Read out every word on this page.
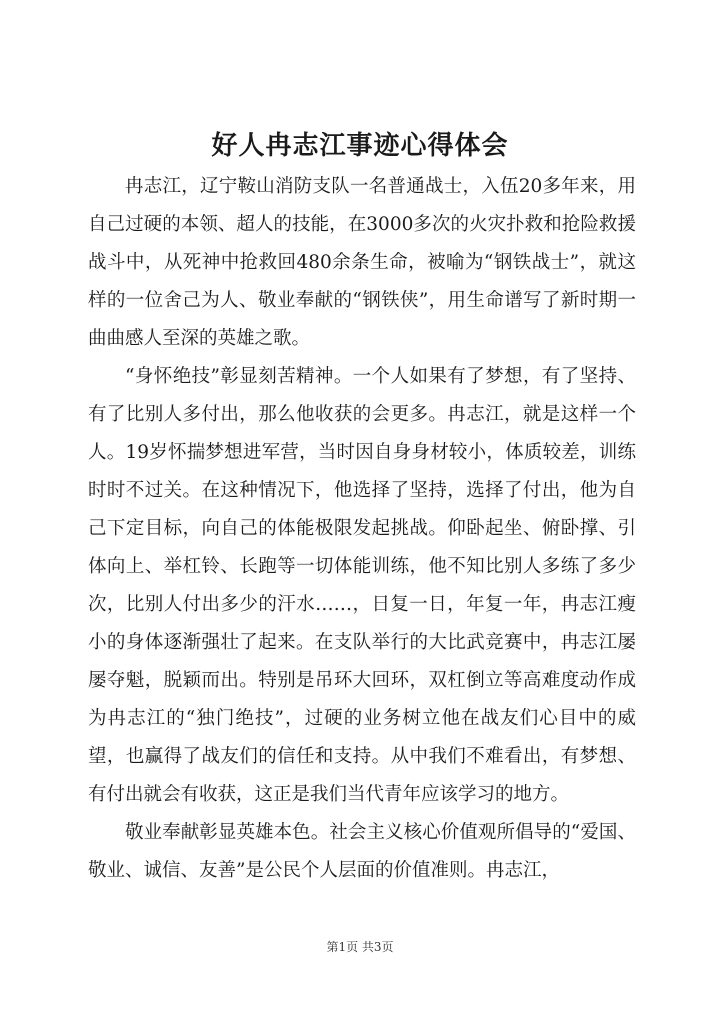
好人冉志江事迹心得体会

冉志江，辽宁鞍山消防支队一名普通战士，入伍20多年来，用自己过硬的本领、超人的技能，在3000多次的火灾扑救和抢险救援战斗中，从死神中抢救回480余条生命，被喻为“钢铁战士”，就这样的一位舍己为人、敬业奉献的“钢铁侠”，用生命谱写了新时期一曲曲感人至深的英雄之歌。

“身怀绝技”彰显刻苦精神。一个人如果有了梦想，有了坚持、有了比别人多付出，那么他收获的会更多。冉志江，就是这样一个人。19岁怀揣梦想进军营，当时因自身身材较小，体质较差，训练时时不过关。在这种情况下，他选择了坚持，选择了付出，他为自己下定目标，向自己的体能极限发起挑战。仰卧起坐、俯卧撑、引体向上、举杠铃、长跑等一切体能训练，他不知比别人多练了多少次，比别人付出多少的汗水……，日复一日，年复一年，冉志江瘦小的身体逐渐强壮了起来。在支队举行的大比武竞赛中，冉志江屡屡夺魁，脱颖而出。特别是吊环大回环，双杠倒立等高难度动作成为冉志江的“独门绝技”，过硬的业务树立他在战友们心目中的威望，也赢得了战友们的信任和支持。从中我们不难看出，有梦想、有付出就会有收获，这正是我们当代青年应该学习的地方。

敬业奉献彰显英雄本色。社会主义核心价值观所倡导的“爱国、敬业、诚信、友善”是公民个人层面的价值准则。冉志江，

第1页 共3页
